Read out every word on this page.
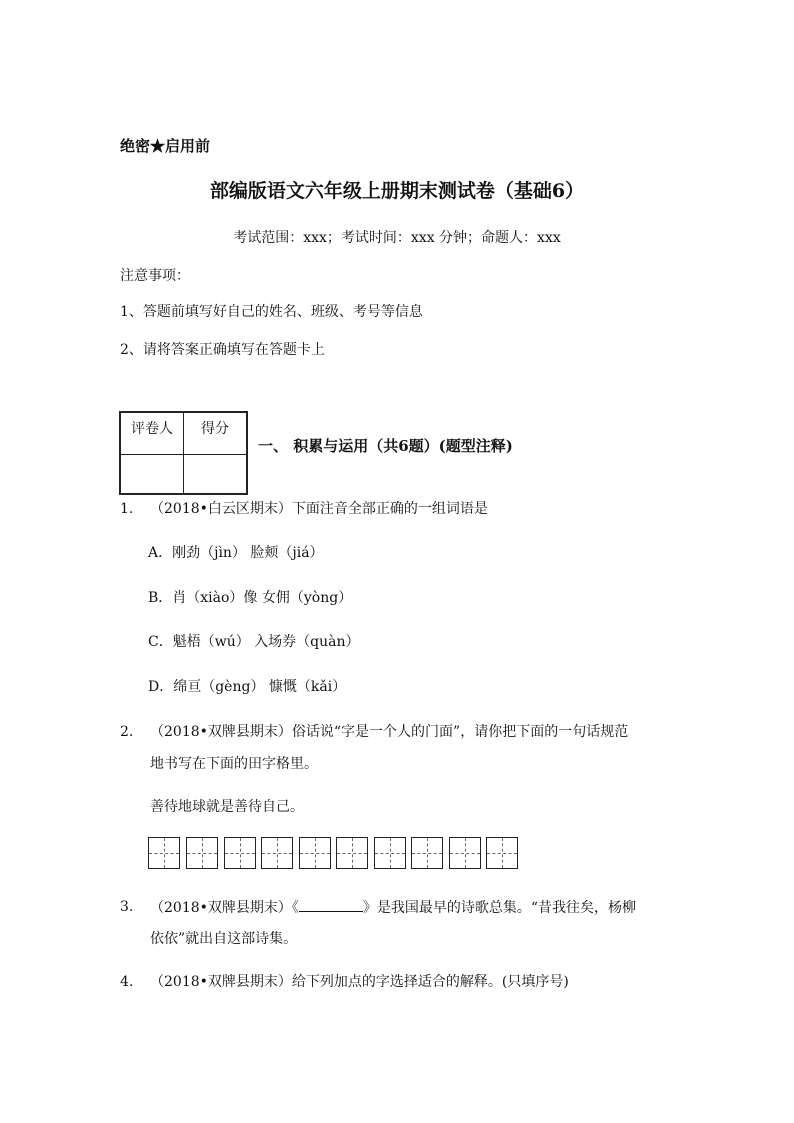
绝密★启用前
部编版语文六年级上册期末测试卷（基础6）
考试范围：xxx；考试时间：xxx 分钟；命题人：xxx
注意事项：
1、答题前填写好自己的姓名、班级、考号等信息
2、请将答案正确填写在答题卡上
评卷人	得分

一、 积累与运用（共6题）(题型注释)
1. （2018•白云区期末）下面注音全部正确的一组词语是
A．刚劲（jìn） 脸颊（jiá）
B．肖（xiào）像 女佣（yòng）
C．魁梧（wú） 入场券（quàn）
D．绵亘（gèng） 慷慨（kǎi）
2. （2018•双牌县期末）俗话说“字是一个人的门面”，请你把下面的一句话规范
地书写在下面的田字格里。
善待地球就是善待自己。
3. （2018•双牌县期末）《	》是我国最早的诗歌总集。“昔我往矣，杨柳
依依”就出自这部诗集。
4. （2018•双牌县期末）给下列加点的字选择适合的解释。(只填序号)
